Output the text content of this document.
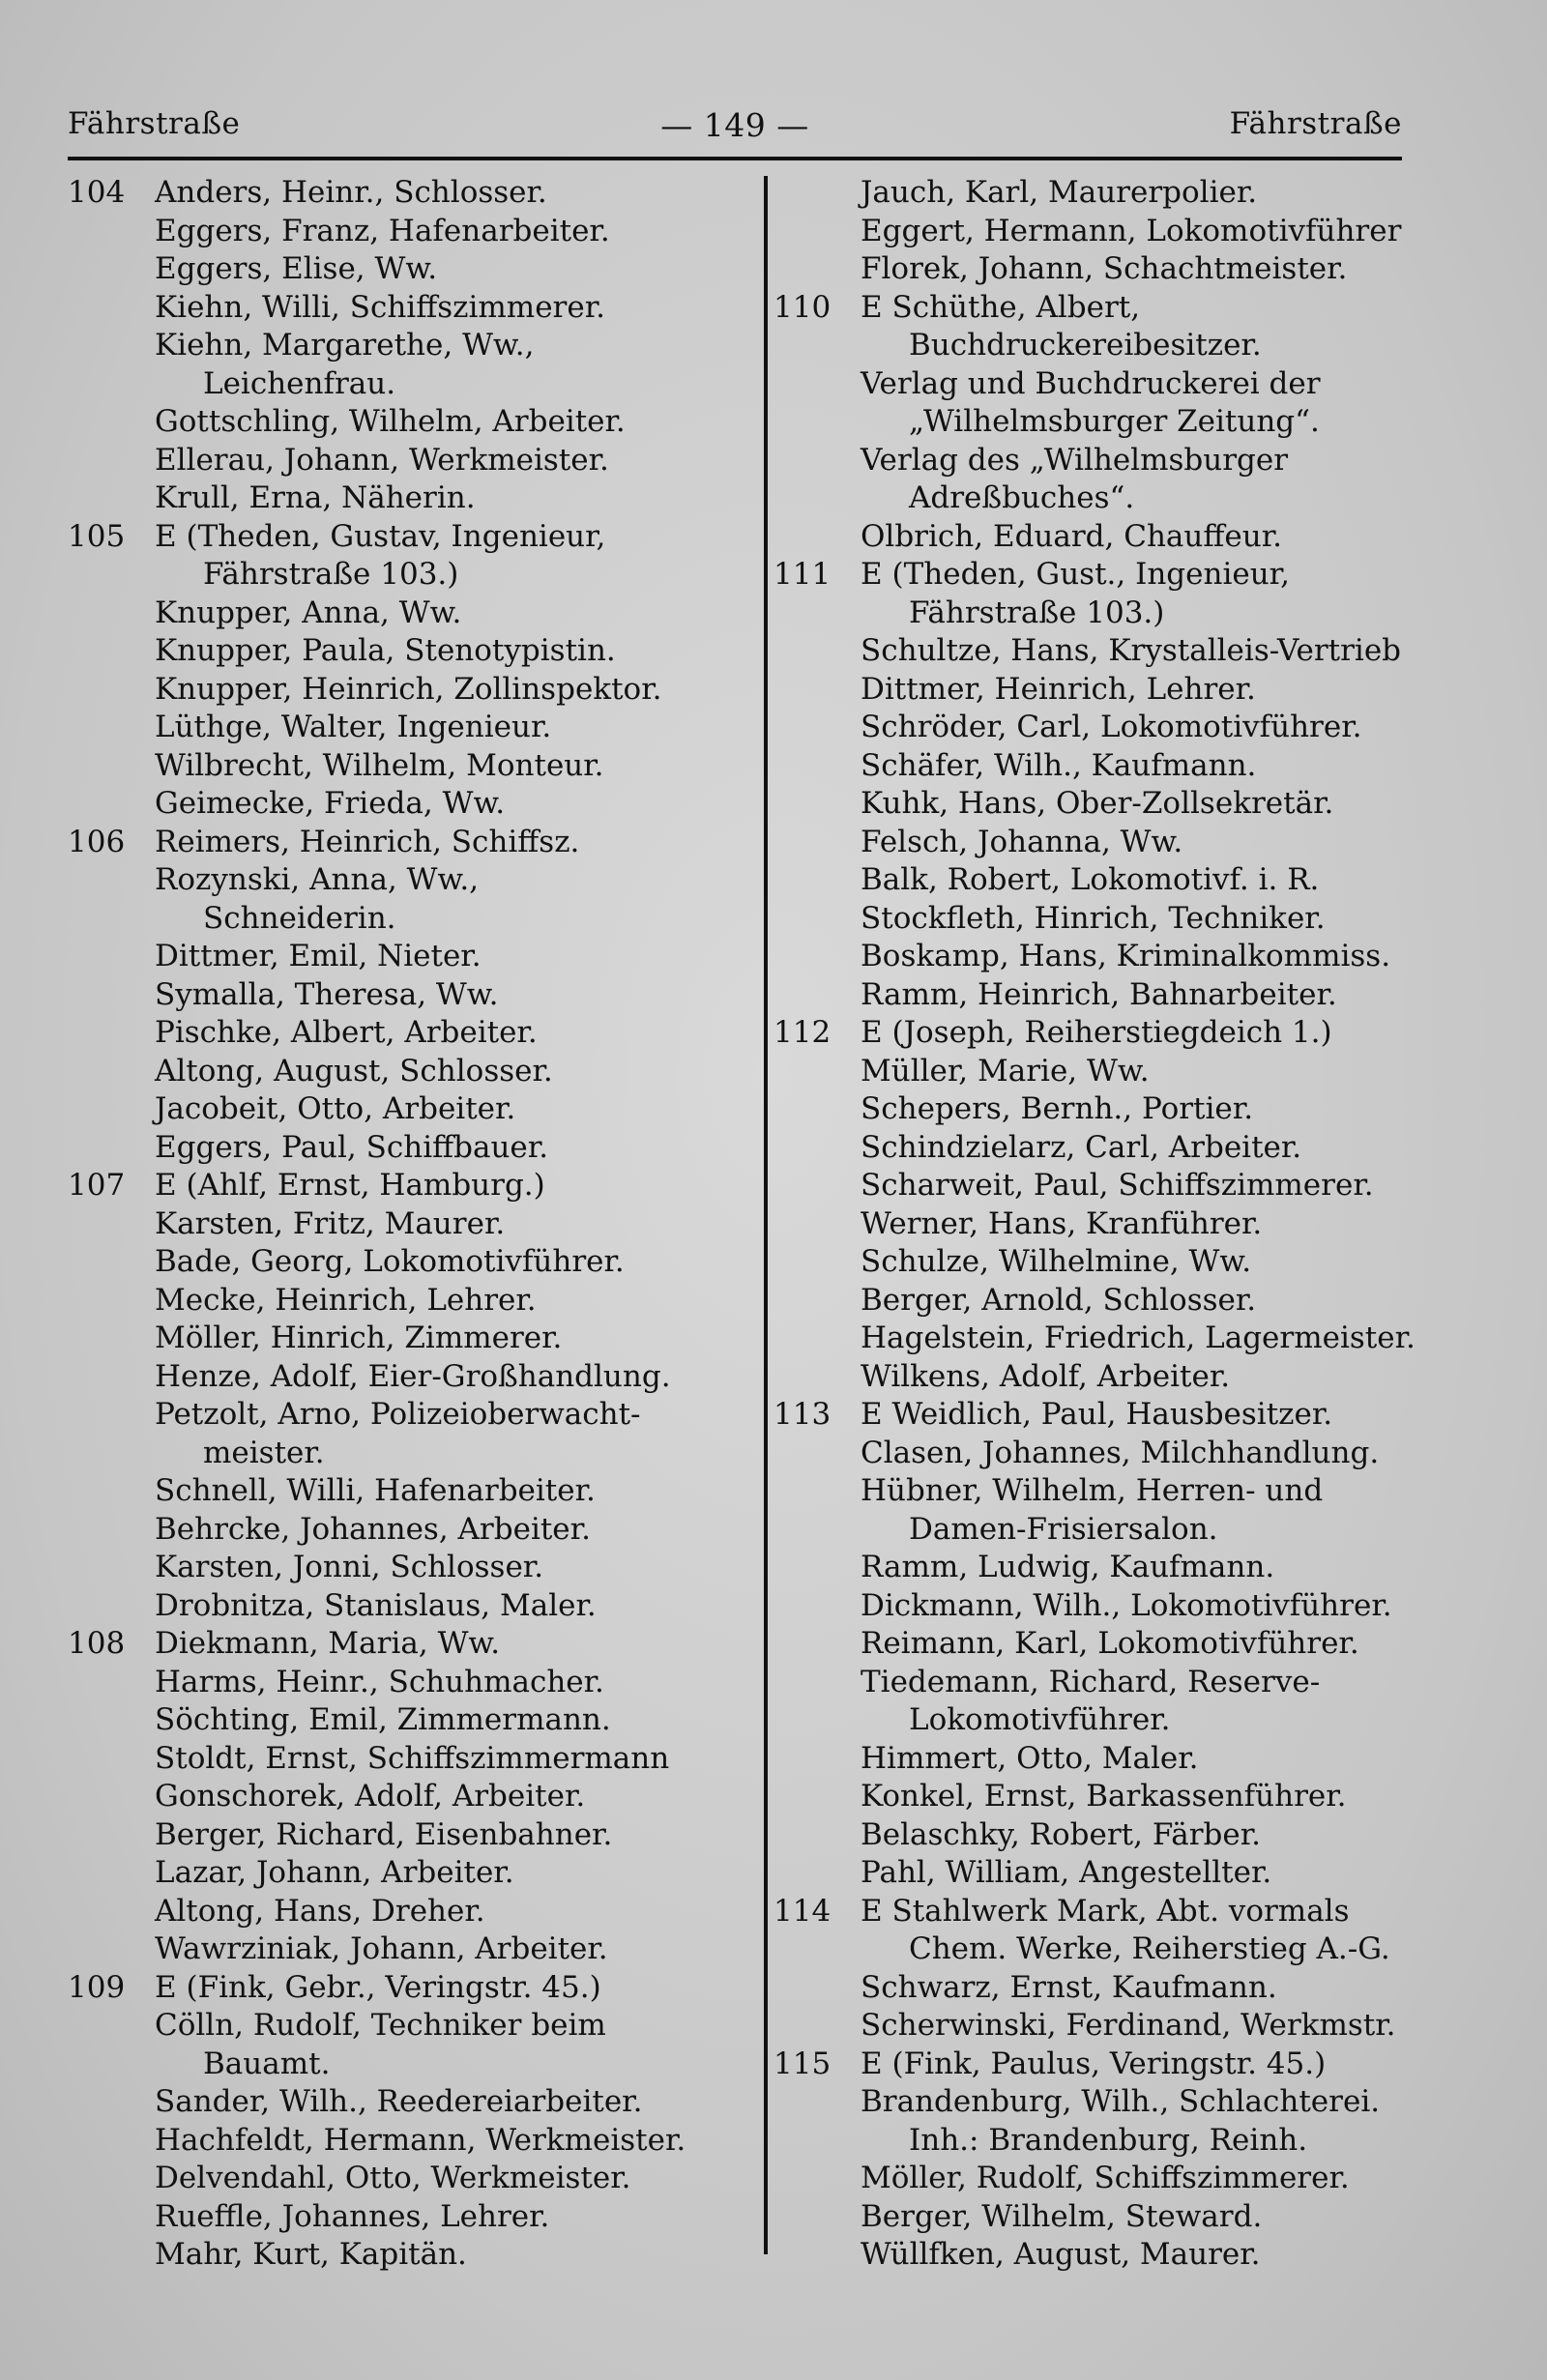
Fährstraße	— 149 —	Fährstraße
104 Anders, Heinr., Schlosser.
Eggers, Franz, Hafenarbeiter.
Eggers, Elise, Ww.
Kiehn, Willi, Schiffszimmerer.
Kiehn, Margarethe, Ww.,
Leichenfrau.
Gottschling, Wilhelm, Arbeiter.
Ellerau, Johann, Werkmeister.
Krull, Erna, Näherin.
105 E (Theden, Gustav, Ingenieur,
Fährstraße 103.)
Knupper, Anna, Ww.
Knupper, Paula, Stenotypistin.
Knupper, Heinrich, Zollinspektor.
Lüthge, Walter, Ingenieur.
Wilbrecht, Wilhelm, Monteur.
Geimecke, Frieda, Ww.
106 Reimers, Heinrich, Schiffsz.
Rozynski, Anna, Ww.,
Schneiderin.
Dittmer, Emil, Nieter.
Symalla, Theresa, Ww.
Pischke, Albert, Arbeiter.
Altong, August, Schlosser.
Jacobeit, Otto, Arbeiter.
Eggers, Paul, Schiffbauer.
107 E (Ahlf, Ernst, Hamburg.)
Karsten, Fritz, Maurer.
Bade, Georg, Lokomotivführer.
Mecke, Heinrich, Lehrer.
Möller, Hinrich, Zimmerer.
Henze, Adolf, Eier-Großhandlung.
Petzolt, Arno, Polizeioberwacht-
meister.
Schnell, Willi, Hafenarbeiter.
Behrcke, Johannes, Arbeiter.
Karsten, Jonni, Schlosser.
Drobnitza, Stanislaus, Maler.
108 Diekmann, Maria, Ww.
Harms, Heinr., Schuhmacher.
Söchting, Emil, Zimmermann.
Stoldt, Ernst, Schiffszimmermann
Gonschorek, Adolf, Arbeiter.
Berger, Richard, Eisenbahner.
Lazar, Johann, Arbeiter.
Altong, Hans, Dreher.
Wawrziniak, Johann, Arbeiter.
109 E (Fink, Gebr., Veringstr. 45.)
Cölln, Rudolf, Techniker beim
Bauamt.
Sander, Wilh., Reedereiarbeiter.
Hachfeldt, Hermann, Werkmeister.
Delvendahl, Otto, Werkmeister.
Rueffle, Johannes, Lehrer.
Mahr, Kurt, Kapitän.
Jauch, Karl, Maurerpolier.
Eggert, Hermann, Lokomotivführer
Florek, Johann, Schachtmeister.
110 E Schüthe, Albert,
Buchdruckereibesitzer.
Verlag und Buchdruckerei der
„Wilhelmsburger Zeitung“.
Verlag des „Wilhelmsburger
Adreßbuches“.
Olbrich, Eduard, Chauffeur.
111 E (Theden, Gust., Ingenieur,
Fährstraße 103.)
Schultze, Hans, Krystalleis-Vertrieb
Dittmer, Heinrich, Lehrer.
Schröder, Carl, Lokomotivführer.
Schäfer, Wilh., Kaufmann.
Kuhk, Hans, Ober-Zollsekretär.
Felsch, Johanna, Ww.
Balk, Robert, Lokomotivf. i. R.
Stockfleth, Hinrich, Techniker.
Boskamp, Hans, Kriminalkommiss.
Ramm, Heinrich, Bahnarbeiter.
112 E (Joseph, Reiherstiegdeich 1.)
Müller, Marie, Ww.
Schepers, Bernh., Portier.
Schindzielarz, Carl, Arbeiter.
Scharweit, Paul, Schiffszimmerer.
Werner, Hans, Kranführer.
Schulze, Wilhelmine, Ww.
Berger, Arnold, Schlosser.
Hagelstein, Friedrich, Lagermeister.
Wilkens, Adolf, Arbeiter.
113 E Weidlich, Paul, Hausbesitzer.
Clasen, Johannes, Milchhandlung.
Hübner, Wilhelm, Herren- und
Damen-Frisiersalon.
Ramm, Ludwig, Kaufmann.
Dickmann, Wilh., Lokomotivführer.
Reimann, Karl, Lokomotivführer.
Tiedemann, Richard, Reserve-
Lokomotivführer.
Himmert, Otto, Maler.
Konkel, Ernst, Barkassenführer.
Belaschky, Robert, Färber.
Pahl, William, Angestellter.
114 E Stahlwerk Mark, Abt. vormals
Chem. Werke, Reiherstieg A.-G.
Schwarz, Ernst, Kaufmann.
Scherwinski, Ferdinand, Werkmstr.
115 E (Fink, Paulus, Veringstr. 45.)
Brandenburg, Wilh., Schlachterei.
Inh.: Brandenburg, Reinh.
Möller, Rudolf, Schiffszimmerer.
Berger, Wilhelm, Steward.
Wüllfken, August, Maurer.
